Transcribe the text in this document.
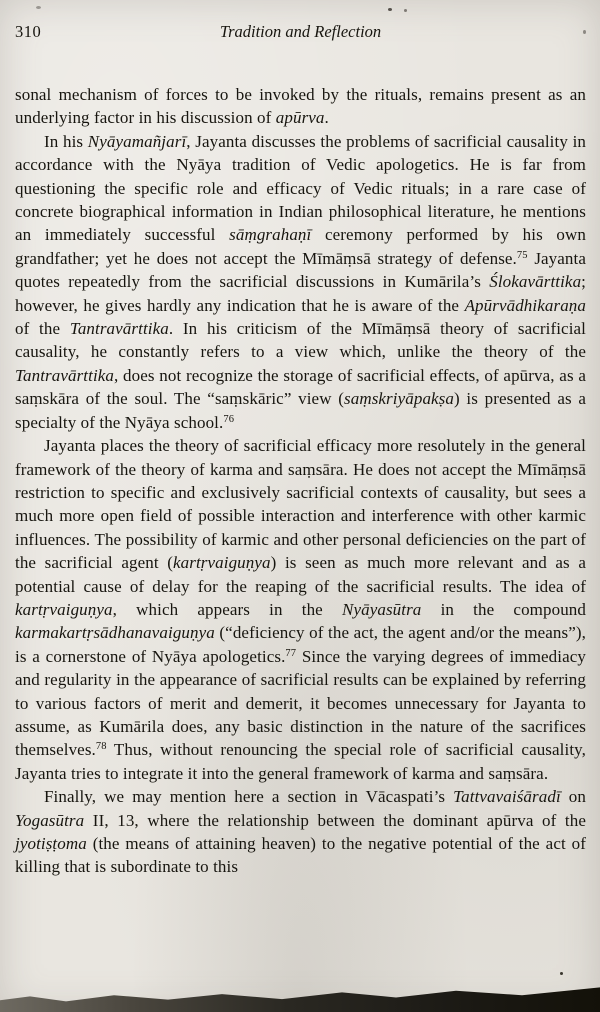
310	Tradition and Reflection

sonal mechanism of forces to be invoked by the rituals, remains present as an underlying factor in his discussion of apūrva.

In his Nyāyamañjarī, Jayanta discusses the problems of sacrificial causality in accordance with the Nyāya tradition of Vedic apologetics. He is far from questioning the specific role and efficacy of Vedic rituals; in a rare case of concrete biographical information in Indian philosophical literature, he mentions an immediately successful sāṃgrahaṇī ceremony performed by his own grandfather; yet he does not accept the Mīmāṃsā strategy of defense.$^{75}$ Jayanta quotes repeatedly from the sacrificial discussions in Kumārila’s Ślokavārttika; however, he gives hardly any indication that he is aware of the Apūrvādhikaraṇa of the Tantravārttika. In his criticism of the Mīmāṃsā theory of sacrificial causality, he constantly refers to a view which, unlike the theory of the Tantravārttika, does not recognize the storage of sacrificial effects, of apūrva, as a saṃskāra of the soul. The “saṃskāric” view (saṃskriyāpakṣa) is presented as a specialty of the Nyāya school.$^{76}$

Jayanta places the theory of sacrificial efficacy more resolutely in the general framework of the theory of karma and saṃsāra. He does not accept the Mīmāṃsā restriction to specific and exclusively sacrificial contexts of causality, but sees a much more open field of possible interaction and interference with other karmic influences. The possibility of karmic and other personal deficiencies on the part of the sacrificial agent (kartṛvaiguṇya) is seen as much more relevant and as a potential cause of delay for the reaping of the sacrificial results. The idea of kartṛvaiguṇya, which appears in the Nyāyasūtra in the compound karmakartṛsādhanavaiguṇya (“deficiency of the act, the agent and/or the means”), is a cornerstone of Nyāya apologetics.$^{77}$ Since the varying degrees of immediacy and regularity in the appearance of sacrificial results can be explained by referring to various factors of merit and demerit, it becomes unnecessary for Jayanta to assume, as Kumārila does, any basic distinction in the nature of the sacrifices themselves.$^{78}$ Thus, without renouncing the special role of sacrificial causality, Jayanta tries to integrate it into the general framework of karma and saṃsāra.

Finally, we may mention here a section in Vācaspati’s Tattvavaiśāradī on Yogasūtra II, 13, where the relationship between the dominant apūrva of the jyotiṣṭoma (the means of attaining heaven) to the negative potential of the act of killing that is subordinate to this
